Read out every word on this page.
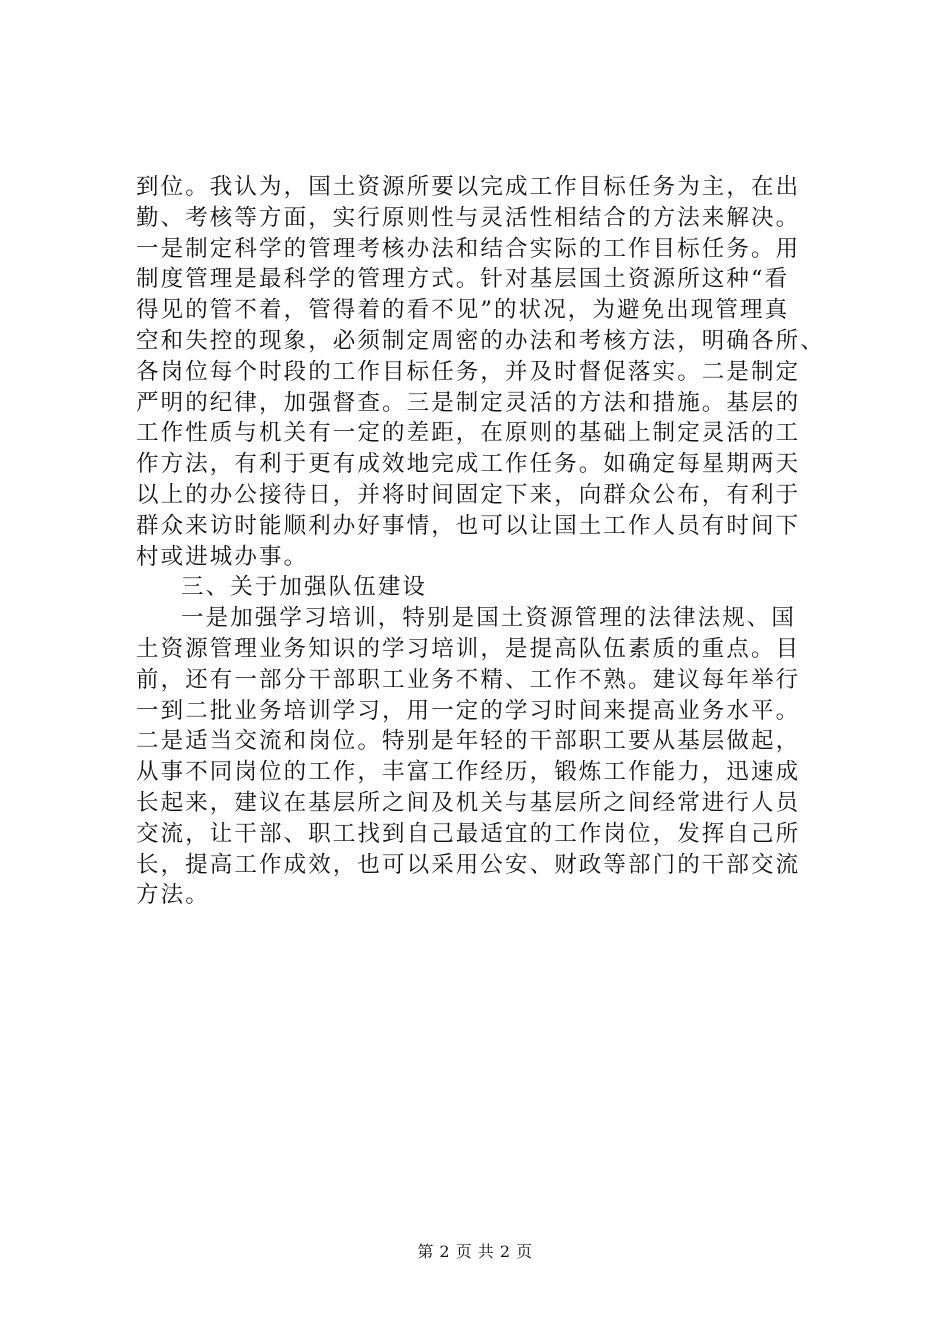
到位。我认为，国土资源所要以完成工作目标任务为主，在出
勤、考核等方面，实行原则性与灵活性相结合的方法来解决。
一是制定科学的管理考核办法和结合实际的工作目标任务。用
制度管理是最科学的管理方式。针对基层国土资源所这种“看
得见的管不着，管得着的看不见”的状况，为避免出现管理真
空和失控的现象，必须制定周密的办法和考核方法，明确各所、
各岗位每个时段的工作目标任务，并及时督促落实。二是制定
严明的纪律，加强督查。三是制定灵活的方法和措施。基层的
工作性质与机关有一定的差距，在原则的基础上制定灵活的工
作方法，有利于更有成效地完成工作任务。如确定每星期两天
以上的办公接待日，并将时间固定下来，向群众公布，有利于
群众来访时能顺利办好事情，也可以让国土工作人员有时间下
村或进城办事。
三、关于加强队伍建设
一是加强学习培训，特别是国土资源管理的法律法规、国
土资源管理业务知识的学习培训，是提高队伍素质的重点。目
前，还有一部分干部职工业务不精、工作不熟。建议每年举行
一到二批业务培训学习，用一定的学习时间来提高业务水平。
二是适当交流和岗位。特别是年轻的干部职工要从基层做起，
从事不同岗位的工作，丰富工作经历，锻炼工作能力，迅速成
长起来，建议在基层所之间及机关与基层所之间经常进行人员
交流，让干部、职工找到自己最适宜的工作岗位，发挥自己所
长，提高工作成效，也可以采用公安、财政等部门的干部交流
方法。
第 2 页 共 2 页
